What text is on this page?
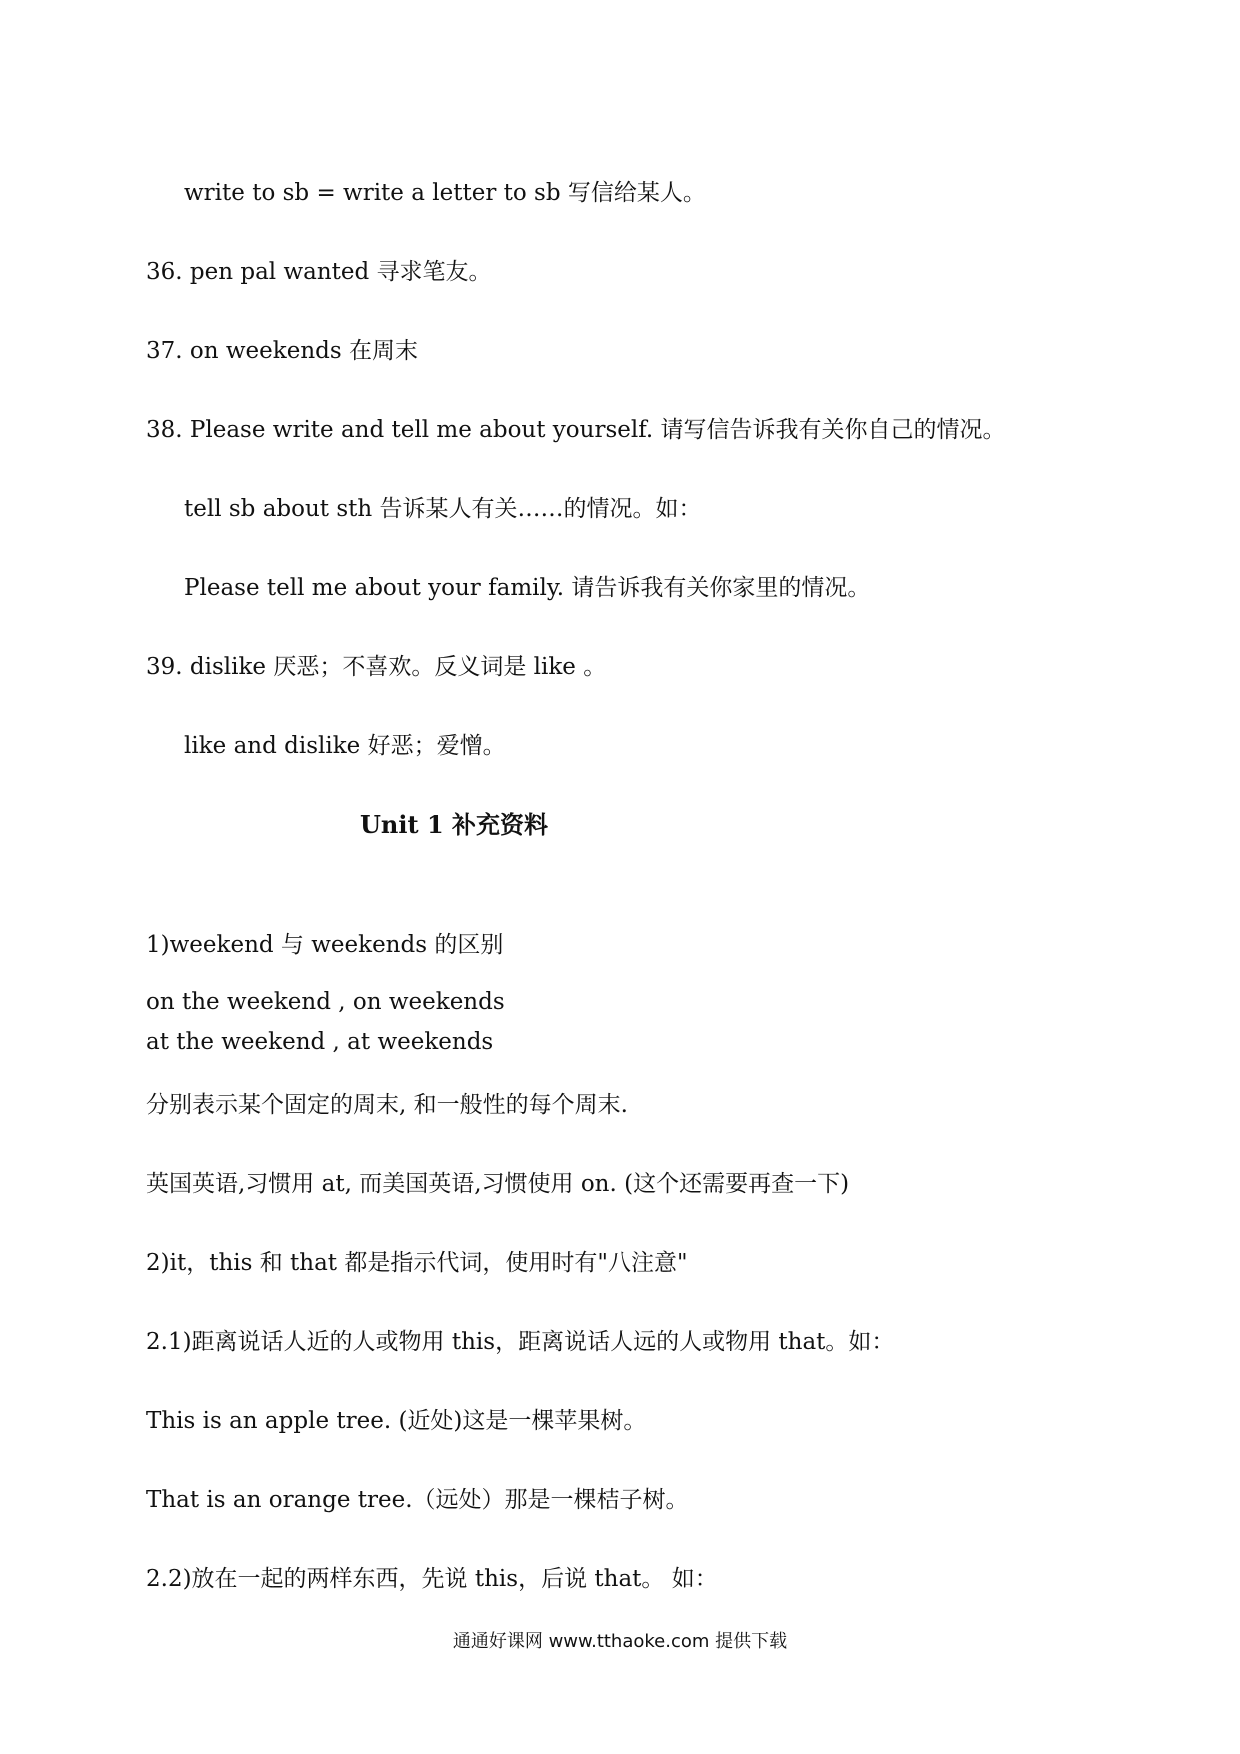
write to sb = write a letter to sb 写信给某人。
36. pen pal wanted 寻求笔友。
37. on weekends 在周末
38. Please write and tell me about yourself. 请写信告诉我有关你自己的情况。
tell sb about sth 告诉某人有关……的情况。如：
Please tell me about your family. 请告诉我有关你家里的情况。
39. dislike 厌恶；不喜欢。反义词是 like 。
like and dislike 好恶；爱憎。
Unit 1 补充资料
1)weekend 与 weekends 的区别
on the weekend , on weekends
at the weekend , at weekends
分别表示某个固定的周末, 和一般性的每个周末.
英国英语,习惯用 at, 而美国英语,习惯使用 on. (这个还需要再查一下)
2)it，this 和 that 都是指示代词，使用时有"八注意"
2.1)距离说话人近的人或物用 this，距离说话人远的人或物用 that。如：
This is an apple tree. (近处)这是一棵苹果树。
That is an orange tree.（远处）那是一棵桔子树。
2.2)放在一起的两样东西，先说 this，后说 that。 如：
通通好课网 www.tthaoke.com 提供下载
